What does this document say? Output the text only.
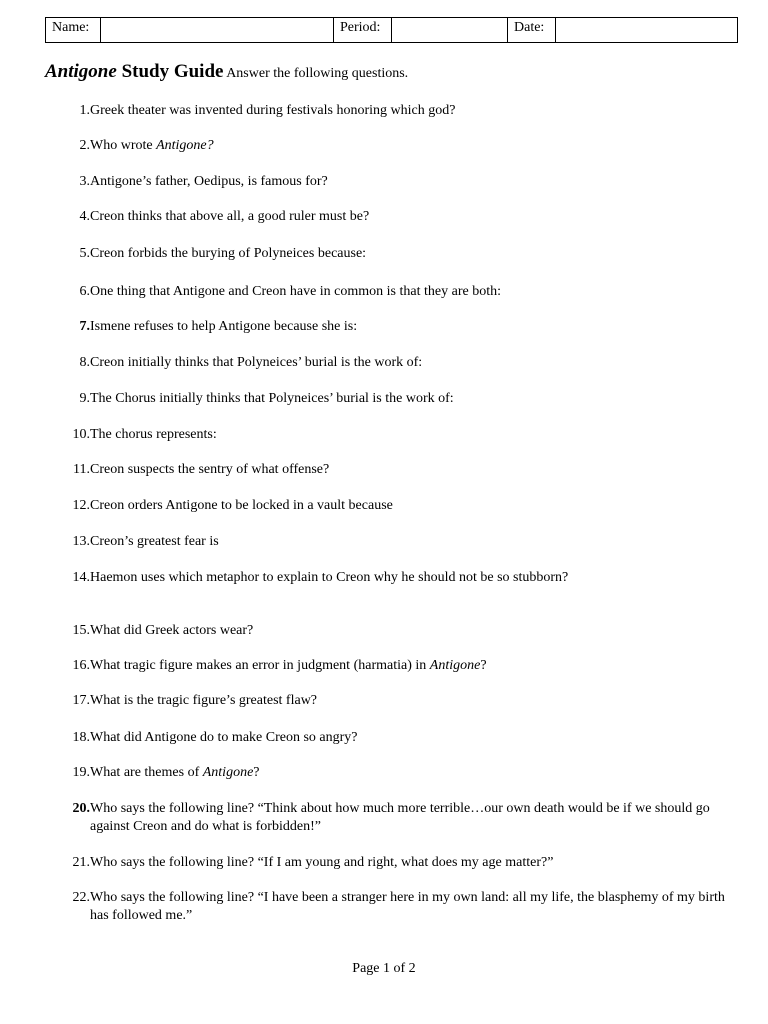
Name:		Period:		Date:	
Antigone Study Guide Answer the following questions.
1. Greek theater was invented during festivals honoring which god?
2. Who wrote Antigone?
3. Antigone’s father, Oedipus, is famous for?
4. Creon thinks that above all, a good ruler must be?
5. Creon forbids the burying of Polyneices because:
6. One thing that Antigone and Creon have in common is that they are both:
7. Ismene refuses to help Antigone because she is:
8. Creon initially thinks that Polyneices’ burial is the work of:
9. The Chorus initially thinks that Polyneices’ burial is the work of:
10. The chorus represents:
11. Creon suspects the sentry of what offense?
12. Creon orders Antigone to be locked in a vault because
13. Creon’s greatest fear is
14. Haemon uses which metaphor to explain to Creon why he should not be so stubborn?
15. What did Greek actors wear?
16. What tragic figure makes an error in judgment (harmatia) in Antigone?
17. What is the tragic figure’s greatest flaw?
18. What did Antigone do to make Creon so angry?
19. What are themes of Antigone?
20. Who says the following line? “Think about how much more terrible…our own death would be if we should go against Creon and do what is forbidden!”
21. Who says the following line? “If I am young and right, what does my age matter?”
22. Who says the following line? “I have been a stranger here in my own land: all my life, the blasphemy of my birth has followed me.”
Page 1 of 2
